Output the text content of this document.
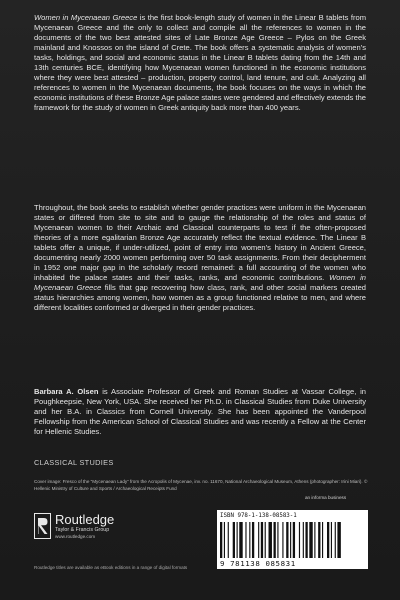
Women in Mycenaean Greece is the first book-length study of women in the Linear B tablets from Mycenaean Greece and the only to collect and compile all the references to women in the documents of the two best attested sites of Late Bronze Age Greece – Pylos on the Greek mainland and Knossos on the island of Crete. The book offers a systematic analysis of women’s tasks, holdings, and social and economic status in the Linear B tablets dating from the 14th and 13th centuries BCE, identifying how Mycenaean women functioned in the economic institutions where they were best attested – production, property control, land tenure, and cult. Analyzing all references to women in the Mycenaean documents, the book focuses on the ways in which the economic institutions of these Bronze Age palace states were gendered and effectively extends the framework for the study of women in Greek antiquity back more than 400 years.

Throughout, the book seeks to establish whether gender practices were uniform in the Mycenaean states or differed from site to site and to gauge the relationship of the roles and status of Mycenaean women to their Archaic and Classical counterparts to test if the often-proposed theories of a more egalitarian Bronze Age accurately reflect the textual evidence. The Linear B tablets offer a unique, if under-utilized, point of entry into women’s history in Ancient Greece, documenting nearly 2000 women performing over 50 task assignments. From their decipherment in 1952 one major gap in the scholarly record remained: a full accounting of the women who inhabited the palace states and their tasks, ranks, and economic contributions. Women in Mycenaean Greece fills that gap recovering how class, rank, and other social markers created status hierarchies among women, how women as a group functioned relative to men, and where different localities conformed or diverged in their gender practices.

Barbara A. Olsen is Associate Professor of Greek and Roman Studies at Vassar College, in Poughkeepsie, New York, USA. She received her Ph.D. in Classical Studies from Duke University and her B.A. in Classics from Cornell University. She has been appointed the Vanderpool Fellowship from the American School of Classical Studies and was recently a Fellow at the Center for Hellenic Studies.

CLASSICAL STUDIES
Cover image: Fresco of the “Mycenaean Lady” from the Acropolis of Mycenae, inv. no. 11670, National Archaeological Museum, Athens (photographer: Irini Miari). © Hellenic Ministry of Culture and Sports / Archaeological Receipts Fund
an informa business
Routledge
Taylor & Francis Group
www.routledge.com
Routledge titles are available as eBook editions in a range of digital formats
ISBN 978-1-138-08583-1
9 781138 085831
